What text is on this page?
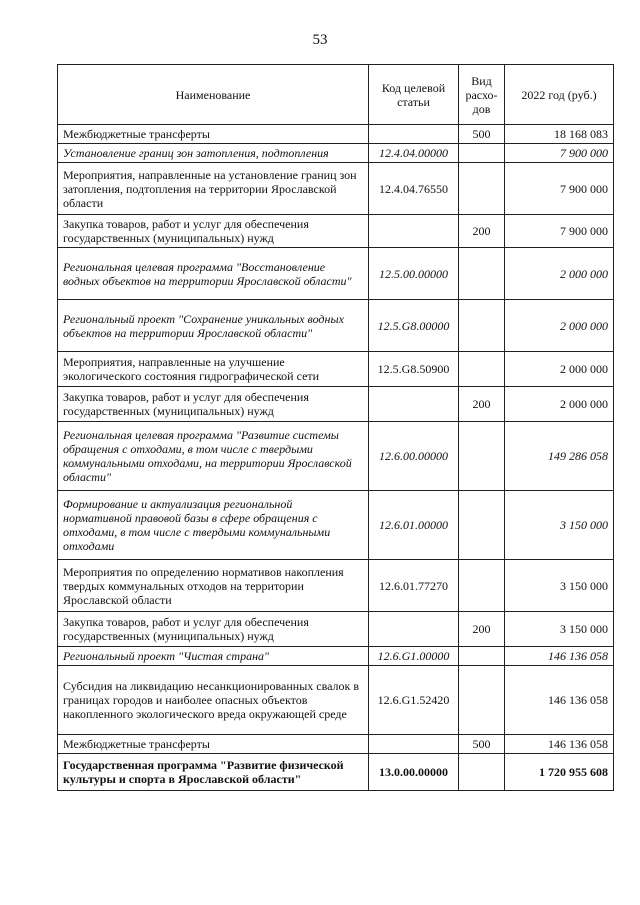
53
Наименование	Код целевой статьи	Вид расхо-дов	2022 год (руб.)
Межбюджетные трансферты		500	18 168 083
Установление границ зон затопления, подтопления	12.4.04.00000		7 900 000
Мероприятия, направленные на установление границ зон затопления, подтопления на территории Ярославской области	12.4.04.76550		7 900 000
Закупка товаров, работ и услуг для обеспечения государственных (муниципальных) нужд		200	7 900 000
Региональная целевая программа "Восстановление водных объектов на территории Ярославской области"	12.5.00.00000		2 000 000
Региональный проект "Сохранение уникальных водных объектов на территории Ярославской области"	12.5.G8.00000		2 000 000
Мероприятия, направленные на улучшение экологического состояния гидрографической сети	12.5.G8.50900		2 000 000
Закупка товаров, работ и услуг для обеспечения государственных (муниципальных) нужд		200	2 000 000
Региональная целевая программа "Развитие системы обращения с отходами, в том числе с твердыми коммунальными отходами, на территории Ярославской области"	12.6.00.00000		149 286 058
Формирование и актуализация региональной нормативной правовой базы в сфере обращения с отходами, в том числе с твердыми коммунальными отходами	12.6.01.00000		3 150 000
Мероприятия по определению нормативов накопления твердых коммунальных отходов на территории Ярославской области	12.6.01.77270		3 150 000
Закупка товаров, работ и услуг для обеспечения государственных (муниципальных) нужд		200	3 150 000
Региональный проект "Чистая страна"	12.6.G1.00000		146 136 058
Субсидия на ликвидацию несанкционированных свалок в границах городов и наиболее опасных объектов накопленного экологического вреда окружающей среде	12.6.G1.52420		146 136 058
Межбюджетные трансферты		500	146 136 058
Государственная программа "Развитие физической культуры и спорта в Ярославской области"	13.0.00.00000		1 720 955 608
